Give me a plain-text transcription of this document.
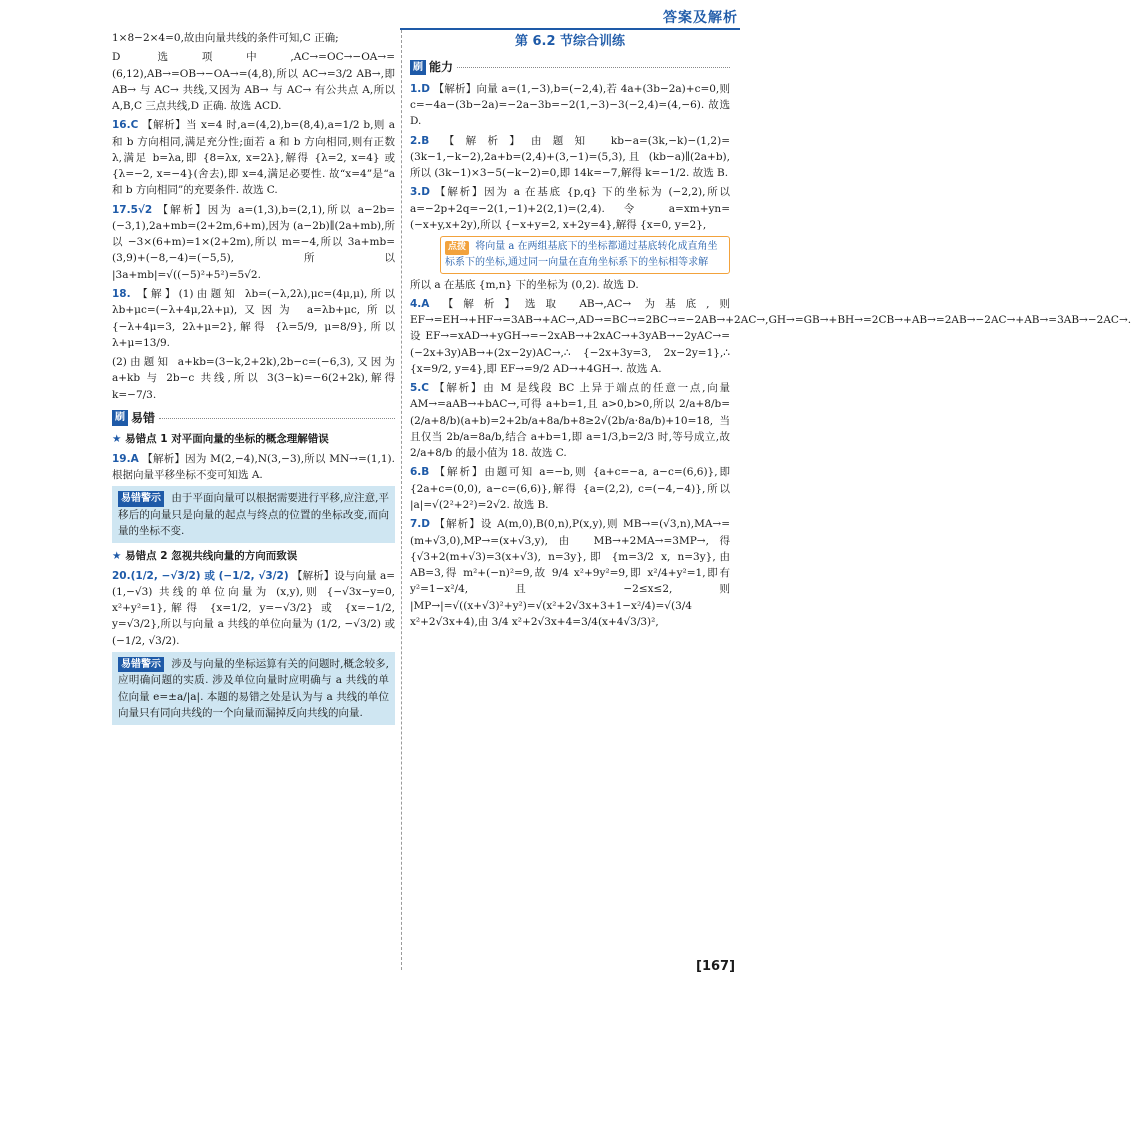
答案及解析

1×8−2×4=0,故由向量共线的条件可知,C 正确;

D 选项中,AC→=OC→−OA→=(6,12),AB→=OB→−OA→=(4,8),所以 AC→=3/2 AB→,即 AB→ 与 AC→ 共线,又因为 AB→ 与 AC→ 有公共点 A,所以 A,B,C 三点共线,D 正确. 故选 ACD.

16.C 【解析】当 x=4 时,a=(4,2),b=(8,4),a=1/2 b,则 a 和 b 方向相同,满足充分性;面若 a 和 b 方向相同,则有正数 λ,满足 b=λa,即 {8=λx, x=2λ},解得 {λ=2, x=4} 或 {λ=−2, x=−4}(舍去),即 x=4,满足必要性. 故“x=4”是“a 和 b 方向相同”的充要条件. 故选 C.

17.5√2 【解析】因为 a=(1,3),b=(2,1),所以 a−2b=(−3,1),2a+mb=(2+2m,6+m),因为 (a−2b)∥(2a+mb),所以 −3×(6+m)=1×(2+2m),所以 m=−4,所以 3a+mb=(3,9)+(−8,−4)=(−5,5),所以 |3a+mb|=√((−5)²+5²)=5√2.

18. 【解】(1)由题知 λb=(−λ,2λ),μc=(4μ,μ),所以 λb+μc=(−λ+4μ,2λ+μ),又因为 a=λb+μc,所以 {−λ+4μ=3, 2λ+μ=2},解得 {λ=5/9, μ=8/9},所以 λ+μ=13/9.

(2)由题知 a+kb=(3−k,2+2k),2b−c=(−6,3),又因为 a+kb 与 2b−c 共线,所以 3(3−k)=−6(2+2k),解得 k=−7/3.

刷 易错
★ 易错点 1 对平面向量的坐标的概念理解错误

19.A 【解析】因为 M(2,−4),N(3,−3),所以 MN→=(1,1). 根据向量平移坐标不变可知选 A.

易错警示 由于平面向量可以根据需要进行平移,应注意,平移后的向量只是向量的起点与终点的位置的坐标改变,而向量的坐标不变.
★ 易错点 2 忽视共线向量的方向而致误

20.(1/2, −√3/2) 或 (−1/2, √3/2) 【解析】设与向量 a=(1,−√3) 共线的单位向量为 (x,y),则 {−√3x−y=0, x²+y²=1},解得 {x=1/2, y=−√3/2} 或 {x=−1/2, y=√3/2},所以与向量 a 共线的单位向量为 (1/2, −√3/2) 或 (−1/2, √3/2).

易错警示 涉及与向量的坐标运算有关的问题时,概念较多,应明确问题的实质. 涉及单位向量时应明确与 a 共线的单位向量 e=±a/|a|. 本题的易错之处是认为与 a 共线的单位向量只有同向共线的一个向量而漏掉反向共线的向量.
第 6.2 节综合训练
刷 能力

1.D 【解析】向量 a=(1,−3),b=(−2,4),若 4a+(3b−2a)+c=0,则 c=−4a−(3b−2a)=−2a−3b=−2(1,−3)−3(−2,4)=(4,−6). 故选 D.

2.B 【解析】由题知 kb−a=(3k,−k)−(1,2)=(3k−1,−k−2),2a+b=(2,4)+(3,−1)=(5,3),且 (kb−a)∥(2a+b),所以 (3k−1)×3−5(−k−2)=0,即 14k=−7,解得 k=−1/2. 故选 B.

3.D 【解析】因为 a 在基底 {p,q} 下的坐标为 (−2,2),所以 a=−2p+2q=−2(1,−1)+2(2,1)=(2,4). 令 a=xm+yn=(−x+y,x+2y),所以 {−x+y=2, x+2y=4},解得 {x=0, y=2},

点拨 将向量 a 在两组基底下的坐标都通过基底转化成直角坐标系下的坐标,通过同一向量在直角坐标系下的坐标相等求解

所以 a 在基底 {m,n} 下的坐标为 (0,2). 故选 D.

4.A 【解析】选取 AB→,AC→ 为基底,则 EF→=EH→+HF→=3AB→+AC→,AD→=BC→=2BC→=−2AB→+2AC→,GH→=GB→+BH→=2CB→+AB→=2AB→−2AC→+AB→=3AB→−2AC→. 设 EF→=xAD→+yGH→=−2xAB→+2xAC→+3yAB→−2yAC→=(−2x+3y)AB→+(2x−2y)AC→,∴ {−2x+3y=3, 2x−2y=1},∴ {x=9/2, y=4},即 EF→=9/2 AD→+4GH→. 故选 A.

5.C 【解析】由 M 是线段 BC 上异于端点的任意一点,向量 AM→=aAB→+bAC→,可得 a+b=1,且 a>0,b>0,所以 2/a+8/b=(2/a+8/b)(a+b)=2+2b/a+8a/b+8≥2√(2b/a·8a/b)+10=18,当且仅当 2b/a=8a/b,结合 a+b=1,即 a=1/3,b=2/3 时,等号成立,故 2/a+8/b 的最小值为 18. 故选 C.

6.B 【解析】由题可知 a=−b,则 {a+c=−a, a−c=(6,6)},即 {2a+c=(0,0), a−c=(6,6)},解得 {a=(2,2), c=(−4,−4)},所以 |a|=√(2²+2²)=2√2. 故选 B.

7.D 【解析】设 A(m,0),B(0,n),P(x,y),则 MB→=(√3,n),MA→=(m+√3,0),MP→=(x+√3,y),由 MB→+2MA→=3MP→,得 {√3+2(m+√3)=3(x+√3), n=3y},即 {m=3/2 x, n=3y},由 AB=3,得 m²+(−n)²=9,故 9/4 x²+9y²=9,即 x²/4+y²=1,即有 y²=1−x²/4,且 −2≤x≤2,则 |MP→|=√((x+√3)²+y²)=√(x²+2√3x+3+1−x²/4)=√(3/4 x²+2√3x+4),由 3/4 x²+2√3x+4=3/4(x+4√3/3)²,

[167]
